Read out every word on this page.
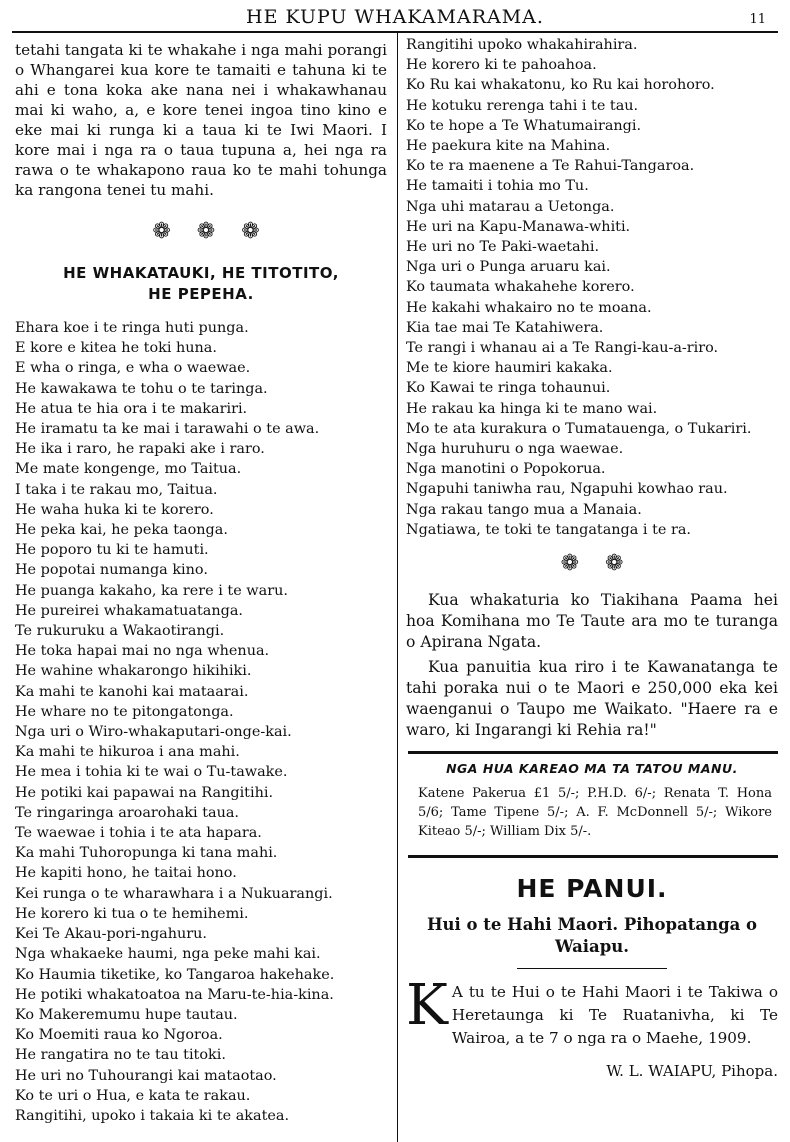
HE KUPU WHAKAMARAMA.	11

tetahi tangata ki te whakahe i nga mahi porangi o Whangarei kua kore te tamaiti e tahuna ki te ahi e tona koka ake nana nei i whakawhanau mai ki waho, a, e kore tenei ingoa tino kino e eke mai ki runga ki a taua ki te Iwi Maori. I kore mai i nga ra o taua tupuna a, hei nga ra rawa o te whakapono raua ko te mahi tohunga ka rangona tenei tu mahi.

❁ ❁ ❁
HE WHAKATAUKI, HE TITOTITO,
HE PEPEHA.
Ehara koe i te ringa huti punga.
E kore e kitea he toki huna.
E wha o ringa, e wha o waewae.
He kawakawa te tohu o te taringa.
He atua te hia ora i te makariri.
He iramatu ta ke mai i tarawahi o te awa.
He ika i raro, he rapaki ake i raro.
Me mate kongenge, mo Taitua.
I taka i te rakau mo, Taitua.
He waha huka ki te korero.
He peka kai, he peka taonga.
He poporo tu ki te hamuti.
He popotai numanga kino.
He puanga kakaho, ka rere i te waru.
He pureirei whakamatuatanga.
Te rukuruku a Wakaotirangi.
He toka hapai mai no nga whenua.
He wahine whakarongo hikihiki.
Ka mahi te kanohi kai mataarai.
He whare no te pitongatonga.
Nga uri o Wiro-whakaputari-onge-kai.
Ka mahi te hikuroa i ana mahi.
He mea i tohia ki te wai o Tu-tawake.
He potiki kai papawai na Rangitihi.
Te ringaringa aroarohaki taua.
Te waewae i tohia i te ata hapara.
Ka mahi Tuhoropunga ki tana mahi.
He kapiti hono, he taitai hono.
Kei runga o te wharawhara i a Nukuarangi.
He korero ki tua o te hemihemi.
Kei Te Akau-pori-ngahuru.
Nga whakaeke haumi, nga peke mahi kai.
Ko Haumia tiketike, ko Tangaroa hakehake.
He potiki whakatoatoa na Maru-te-hia-kina.
Ko Makeremumu hupe tautau.
Ko Moemiti raua ko Ngoroa.
He rangatira no te tau titoki.
He uri no Tuhourangi kai mataotao.
Ko te uri o Hua, e kata te rakau.
Rangitihi, upoko i takaia ki te akatea.
Rangitihi upoko whakahirahira.
He korero ki te pahoahoa.
Ko Ru kai whakatonu, ko Ru kai horohoro.
He kotuku rerenga tahi i te tau.
Ko te hope a Te Whatumairangi.
He paekura kite na Mahina.
Ko te ra maenene a Te Rahui-Tangaroa.
He tamaiti i tohia mo Tu.
Nga uhi matarau a Uetonga.
He uri na Kapu-Manawa-whiti.
He uri no Te Paki-waetahi.
Nga uri o Punga aruaru kai.
Ko taumata whakahehe korero.
He kakahi whakairo no te moana.
Kia tae mai Te Katahiwera.
Te rangi i whanau ai a Te Rangi-kau-a-riro.
Me te kiore haumiri kakaka.
Ko Kawai te ringa tohaunui.
He rakau ka hinga ki te mano wai.
Mo te ata kurakura o Tumatauenga, o Tukariri.
Nga huruhuru o nga waewae.
Nga manotini o Popokorua.
Ngapuhi taniwha rau, Ngapuhi kowhao rau.
Nga rakau tango mua a Manaia.
Ngatiawa, te toki te tangatanga i te ra.
❁ ❁

Kua whakaturia ko Tiakihana Paama hei hoa Komihana mo Te Taute ara mo te turanga o Apirana Ngata.

Kua panuitia kua riro i te Kawanatanga te tahi poraka nui o te Maori e 250,000 eka kei waenganui o Taupo me Waikato. "Haere ra e waro, ki Ingarangi ki Rehia ra!"

NGA HUA KAREAO MA TA TATOU MANU.

Katene Pakerua £1 5/-; P.H.D. 6/-; Renata T. Hona 5/6; Tame Tipene 5/-; A. F. McDonnell 5/-; Wikore Kiteao 5/-; William Dix 5/-.

HE PANUI.
Hui o te Hahi Maori. Pihopatanga o
Waiapu.
K A tu te Hui o te Hahi Maori i te Takiwa o Heretaunga ki Te Ruatanivha, ki Te Wairoa, a te 7 o nga ra o Maehe, 1909.

W. L. WAIAPU, Pihopa.
